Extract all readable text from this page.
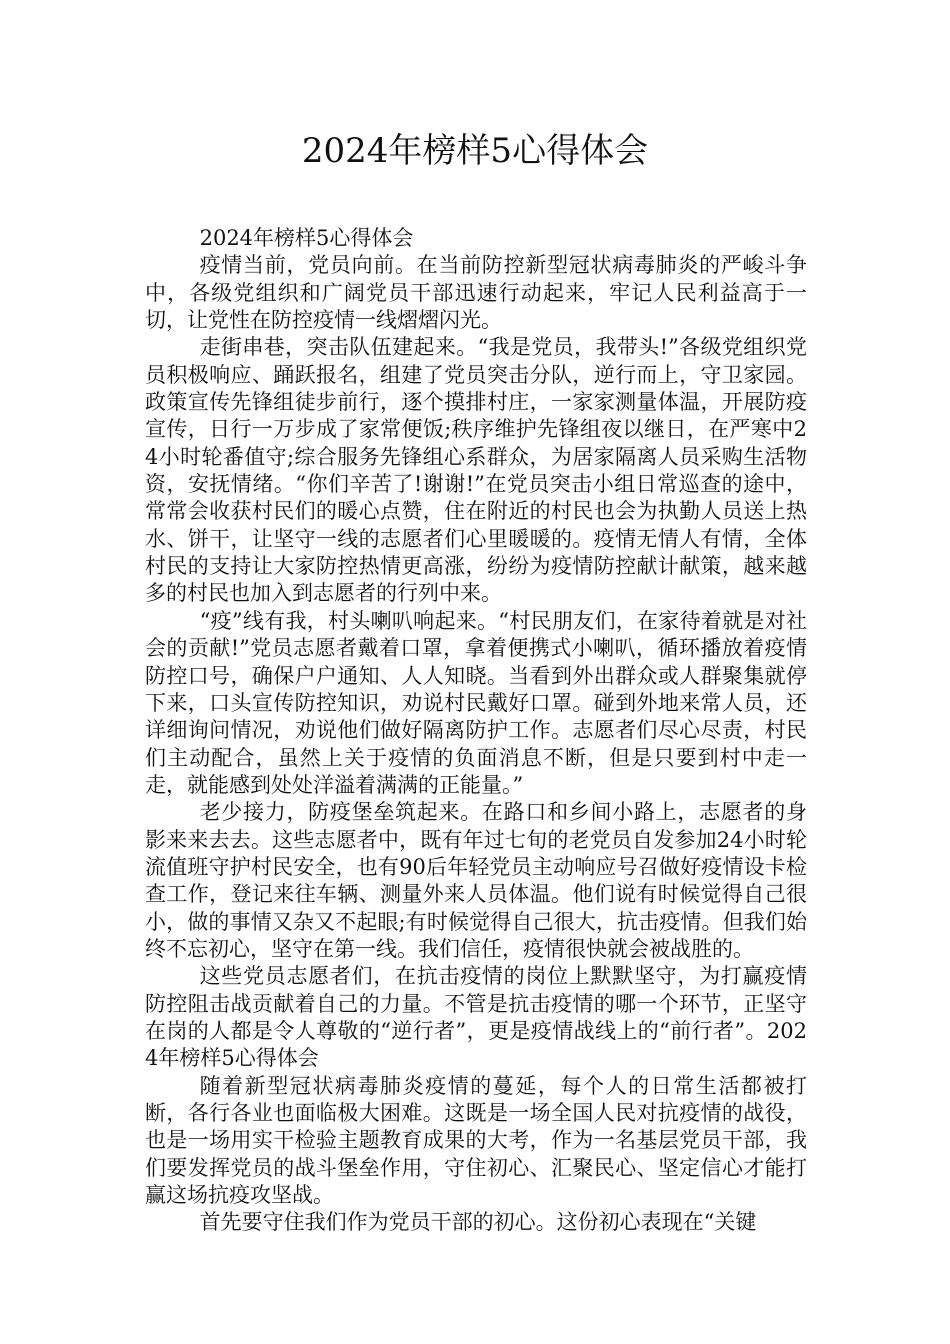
2024年榜样5心得体会

2024年榜样5心得体会

疫情当前，党员向前。在当前防控新型冠状病毒肺炎的严峻斗争中，各级党组织和广阔党员干部迅速行动起来，牢记人民利益高于一切，让党性在防控疫情一线熠熠闪光。

走街串巷，突击队伍建起来。“我是党员，我带头!”各级党组织党员积极响应、踊跃报名，组建了党员突击分队，逆行而上，守卫家园。政策宣传先锋组徒步前行，逐个摸排村庄，一家家测量体温，开展防疫宣传，日行一万步成了家常便饭;秩序维护先锋组夜以继日，在严寒中24小时轮番值守;综合服务先锋组心系群众，为居家隔离人员采购生活物资，安抚情绪。“你们辛苦了!谢谢!”在党员突击小组日常巡查的途中，常常会收获村民们的暖心点赞，住在附近的村民也会为执勤人员送上热水、饼干，让坚守一线的志愿者们心里暖暖的。疫情无情人有情，全体村民的支持让大家防控热情更高涨，纷纷为疫情防控献计献策，越来越多的村民也加入到志愿者的行列中来。

“疫”线有我，村头喇叭响起来。“村民朋友们，在家待着就是对社会的贡献!”党员志愿者戴着口罩，拿着便携式小喇叭，循环播放着疫情防控口号，确保户户通知、人人知晓。当看到外出群众或人群聚集就停下来，口头宣传防控知识，劝说村民戴好口罩。碰到外地来常人员，还详细询问情况，劝说他们做好隔离防护工作。志愿者们尽心尽责，村民们主动配合，虽然上关于疫情的负面消息不断，但是只要到村中走一走，就能感到处处洋溢着满满的正能量。”

老少接力，防疫堡垒筑起来。在路口和乡间小路上，志愿者的身影来来去去。这些志愿者中，既有年过七旬的老党员自发参加24小时轮流值班守护村民安全，也有90后年轻党员主动响应号召做好疫情设卡检查工作，登记来往车辆、测量外来人员体温。他们说有时候觉得自己很小，做的事情又杂又不起眼;有时候觉得自己很大，抗击疫情。但我们始终不忘初心，坚守在第一线。我们信任，疫情很快就会被战胜的。

这些党员志愿者们，在抗击疫情的岗位上默默坚守，为打赢疫情防控阻击战贡献着自己的力量。不管是抗击疫情的哪一个环节，正坚守在岗的人都是令人尊敬的“逆行者”，更是疫情战线上的“前行者”。2024年榜样5心得体会

随着新型冠状病毒肺炎疫情的蔓延，每个人的日常生活都被打断，各行各业也面临极大困难。这既是一场全国人民对抗疫情的战役，也是一场用实干检验主题教育成果的大考，作为一名基层党员干部，我们要发挥党员的战斗堡垒作用，守住初心、汇聚民心、坚定信心才能打赢这场抗疫攻坚战。

首先要守住我们作为党员干部的初心。这份初心表现在“关键
